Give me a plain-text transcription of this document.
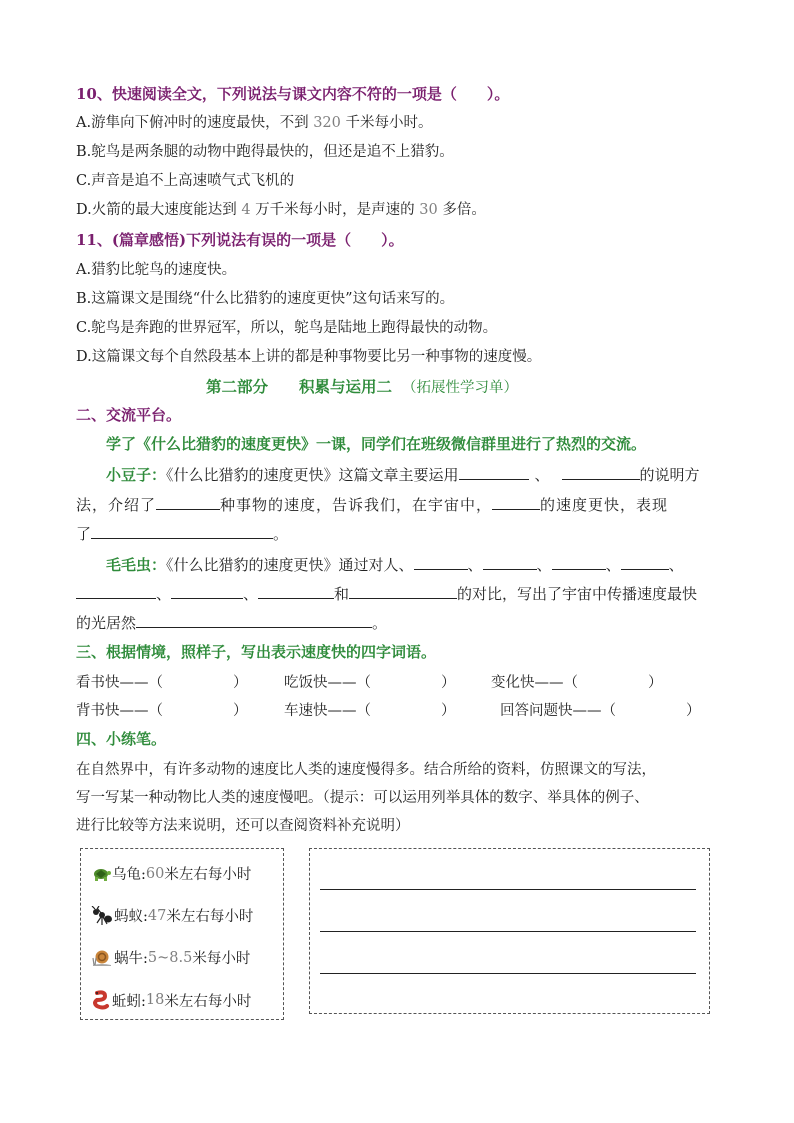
10、快速阅读全文，下列说法与课文内容不符的一项是（　　）。
A.游隼向下俯冲时的速度最快，不到 320 千米每小时。
B.鸵鸟是两条腿的动物中跑得最快的，但还是追不上猎豹。
C.声音是追不上高速喷气式飞机的
D.火箭的最大速度能达到 4 万千米每小时，是声速的 30 多倍。
11、(篇章感悟)下列说法有误的一项是（　　）。
A.猎豹比鸵鸟的速度快。
B.这篇课文是围绕“什么比猎豹的速度更快”这句话来写的。
C.鸵鸟是奔跑的世界冠军，所以，鸵鸟是陆地上跑得最快的动物。
D.这篇课文每个自然段基本上讲的都是种事物要比另一种事物的速度慢。
第二部分　　积累与运用二 （拓展性学习单）
二、交流平台。
学了《什么比猎豹的速度更快》一课，同学们在班级微信群里进行了热烈的交流。
小豆子：《什么比猎豹的速度更快》这篇文章主要运用	、	的说明方
法，介绍了	种事物的速度，告诉我们，在宇宙中，	的速度更快，表现
了	。
毛毛虫：《什么比猎豹的速度更快》通过对人、	、	、	、	、
、	、	和	的对比，写出了宇宙中传播速度最快
的光居然	。
三、根据情境，照样子，写出表示速度快的四字词语。
看书快——（	）	吃饭快——（	） 变化快——（	）
背书快——（	）	车速快——（	）	回答问题快——（	）
四、小练笔。
在自然界中，有许多动物的速度比人类的速度慢得多。结合所给的资料，仿照课文的写法，
写一写某一种动物比人类的速度慢吧。（提示：可以运用列举具体的数字、举具体的例子、
进行比较等方法来说明，还可以查阅资料补充说明）
乌龟: 60 米左右每小时
蚂蚁: 47 米左右每小时
蜗牛: 5~8.5 米每小时
蚯蚓: 18 米左右每小时
